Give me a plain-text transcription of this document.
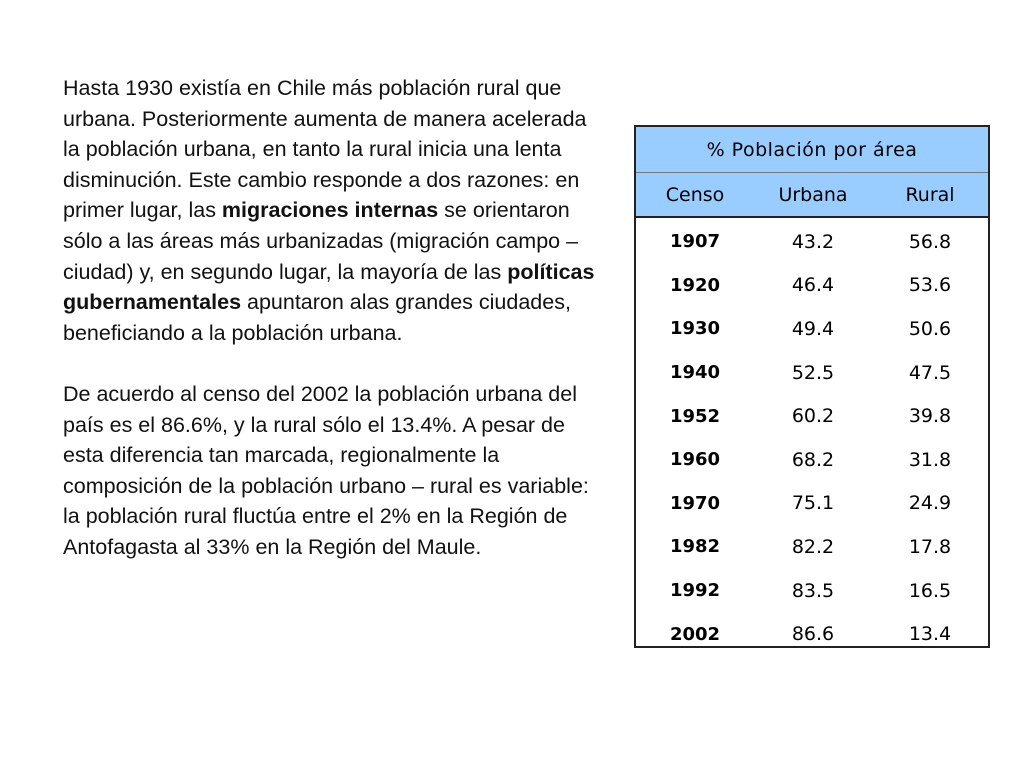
Hasta 1930 existía en Chile más población rural que urbana. Posteriormente aumenta de manera acelerada la población urbana, en tanto la rural inicia una lenta disminución. Este cambio responde a dos razones: en primer lugar, las migraciones internas se orientaron sólo a las áreas más urbanizadas (migración campo – ciudad) y, en segundo lugar, la mayoría de las políticas gubernamentales apuntaron alas grandes ciudades, beneficiando a la población urbana.

De acuerdo al censo del 2002 la población urbana del país es el 86.6%, y la rural sólo el 13.4%. A pesar de esta diferencia tan marcada, regionalmente la composición de la población urbano – rural es variable: la población rural fluctúa entre el 2% en la Región de Antofagasta al 33% en la Región del Maule.

% Población por área
Censo	Urbana	Rural
1907	43.2	56.8
1920	46.4	53.6
1930	49.4	50.6
1940	52.5	47.5
1952	60.2	39.8
1960	68.2	31.8
1970	75.1	24.9
1982	82.2	17.8
1992	83.5	16.5
2002	86.6	13.4
